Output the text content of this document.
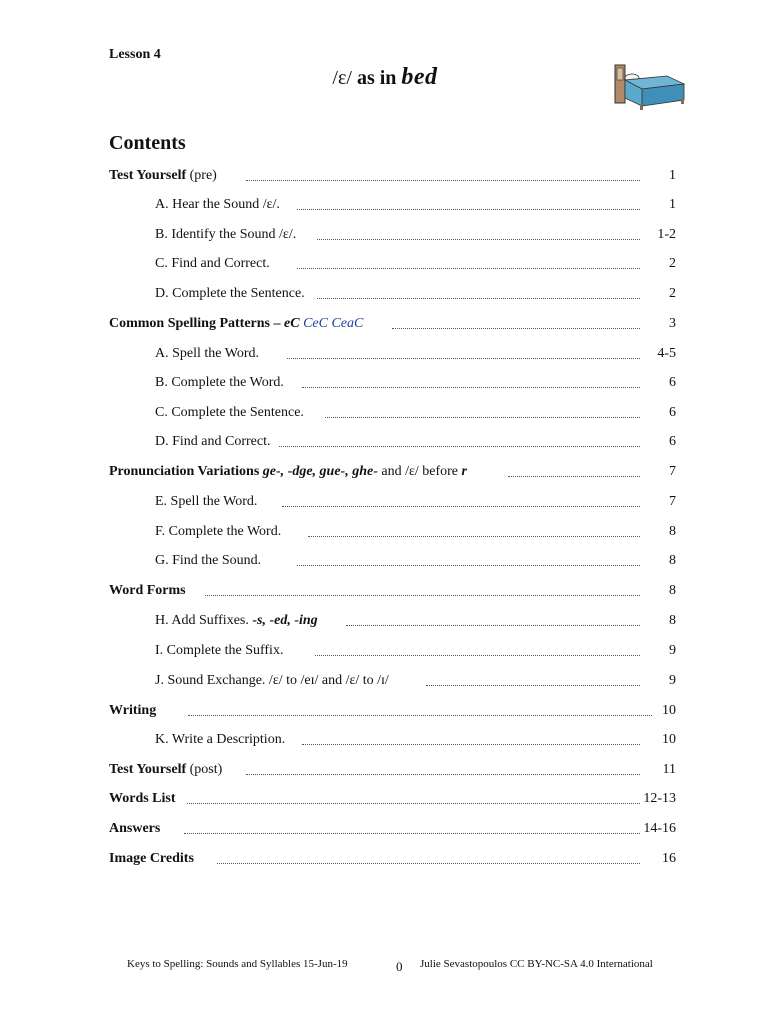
Lesson 4
/ɛ/ as in bed
Contents
Test Yourself (pre)	1
A. Hear the Sound /ɛ/.	1
B. Identify the Sound /ɛ/.	1-2
C. Find and Correct.	2
D. Complete the Sentence.	2
Common Spelling Patterns – eC CeC CeaC	3
A. Spell the Word.	4-5
B. Complete the Word.	6
C. Complete the Sentence.	6
D. Find and Correct.	6
Pronunciation Variations ge-, -dge, gue-, ghe- and /ɛ/ before r	7
E. Spell the Word.	7
F. Complete the Word.	8
G. Find the Sound.	8
Word Forms	8
H. Add Suffixes. -s, -ed, -ing	8
I. Complete the Suffix.	9
J. Sound Exchange. /ɛ/ to /eɪ/ and /ɛ/ to /ɪ/	9
Writing	10
K. Write a Description.	10
Test Yourself (post)	11
Words List	12-13
Answers	14-16
Image Credits	16
Keys to Spelling: Sounds and Syllables 15-Jun-19	0 Julie Sevastopoulos CC BY-NC-SA 4.0 International
